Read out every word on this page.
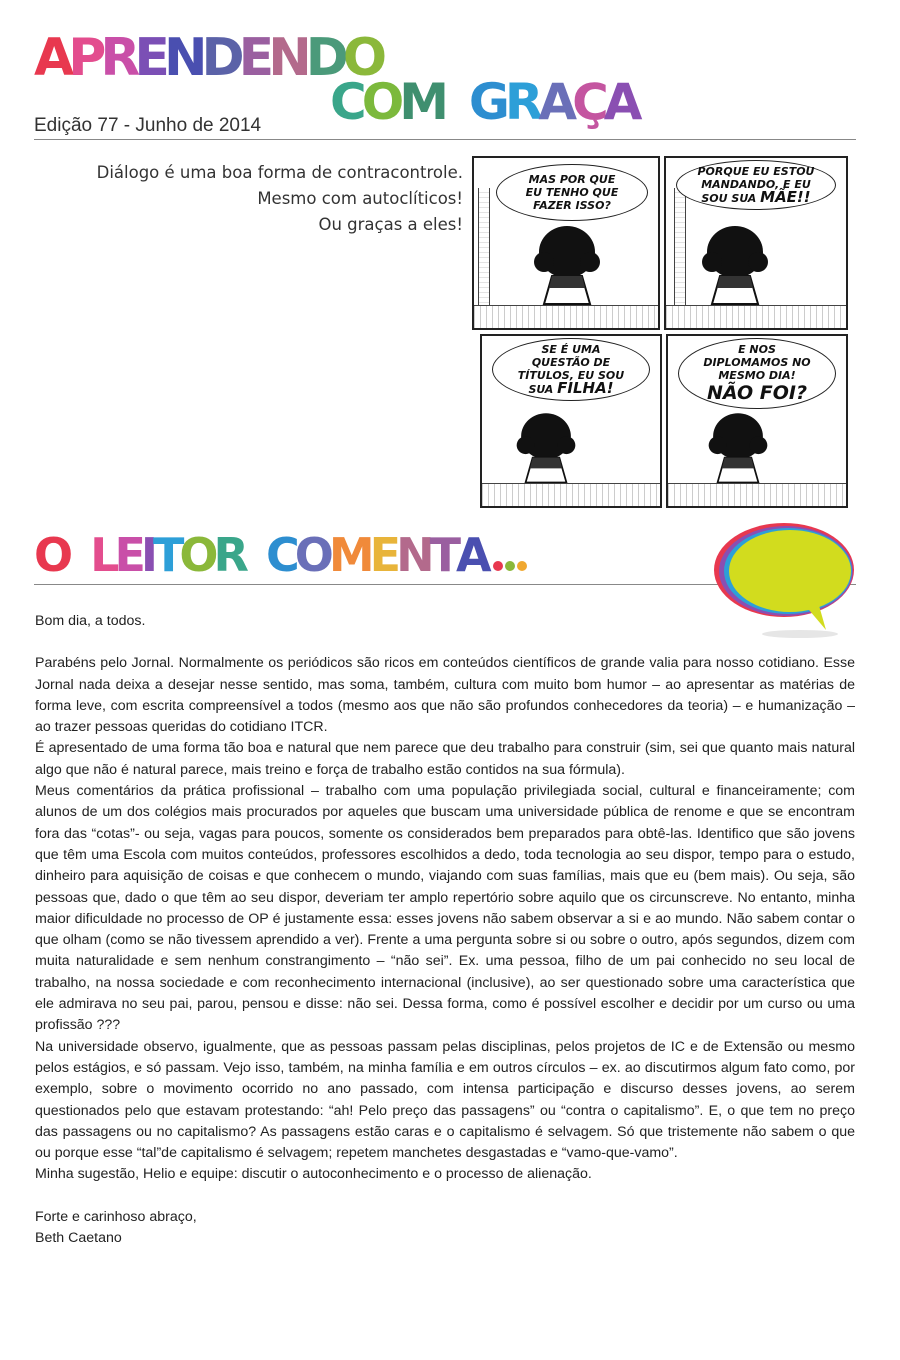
APRENDENDO
COM GRAÇA
Edição 77 - Junho de 2014
Diálogo é uma boa forma de contracontrole.
Mesmo com autoclíticos!
Ou graças a eles!
MAS POR QUE
EU TENHO QUE
FAZER ISSO?
PORQUE EU ESTOU
MANDANDO, E EU
SOU SUA MÃE!!
SE É UMA
QUESTÃO DE
TÍTULOS, EU SOU
SUA FILHA!
E NOS
DIPLOMAMOS NO
MESMO DIA!
NÃO FOI?
O LEITOR COMENTA

Bom dia, a todos.

Parabéns pelo Jornal. Normalmente os periódicos são ricos em conteúdos científicos de grande valia para nosso cotidiano. Esse Jornal nada deixa a desejar nesse sentido, mas soma, também, cultura com muito bom humor – ao apresentar as matérias de forma leve, com escrita compreensível a todos (mesmo aos que não são profundos conhecedores da teoria) – e humanização – ao trazer pessoas queridas do cotidiano ITCR.

É apresentado de uma forma tão boa e natural que nem parece que deu trabalho para construir (sim, sei que quanto mais natural algo que não é natural parece, mais treino e força de trabalho estão contidos na sua fórmula).

Meus comentários da prática profissional – trabalho com uma população privilegiada social, cultural e financeiramente; com alunos de um dos colégios mais procurados por aqueles que buscam uma universidade pública de renome e que se encontram fora das “cotas”- ou seja, vagas para poucos, somente os considerados bem preparados para obtê-las. Identifico que são jovens que têm uma Escola com muitos conteúdos, professores escolhidos a dedo, toda tecnologia ao seu dispor, tempo para o estudo, dinheiro para aquisição de coisas e que conhecem o mundo, viajando com suas famílias, mais que eu (bem mais). Ou seja, são pessoas que, dado o que têm ao seu dispor, deveriam ter amplo repertório sobre aquilo que os circunscreve. No entanto, minha maior dificuldade no processo de OP é justamente essa: esses jovens não sabem observar a si e ao mundo. Não sabem contar o que olham (como se não tivessem aprendido a ver). Frente a uma pergunta sobre si ou sobre o outro, após segundos, dizem com muita naturalidade e sem nenhum constrangimento – “não sei”. Ex. uma pessoa, filho de um pai conhecido no seu local de trabalho, na nossa sociedade e com reconhecimento internacional (inclusive), ao ser questionado sobre uma característica que ele admirava no seu pai, parou, pensou e disse: não sei. Dessa forma, como é possível escolher e decidir por um curso ou uma profissão ???

Na universidade observo, igualmente, que as pessoas passam pelas disciplinas, pelos projetos de IC e de Extensão ou mesmo pelos estágios, e só passam. Vejo isso, também, na minha família e em outros círculos – ex. ao discutirmos algum fato como, por exemplo, sobre o movimento ocorrido no ano passado, com intensa participação e discurso desses jovens, ao serem questionados pelo que estavam protestando: “ah! Pelo preço das passagens” ou “contra o capitalismo”. E, o que tem no preço das passagens ou no capitalismo? As passagens estão caras e o capitalismo é selvagem. Só que tristemente não sabem o que ou porque esse “tal”de capitalismo é selvagem; repetem manchetes desgastadas e “vamo-que-vamo”.

Minha sugestão, Helio e equipe: discutir o autoconhecimento e o processo de alienação.

Forte e carinhoso abraço,

Beth Caetano
